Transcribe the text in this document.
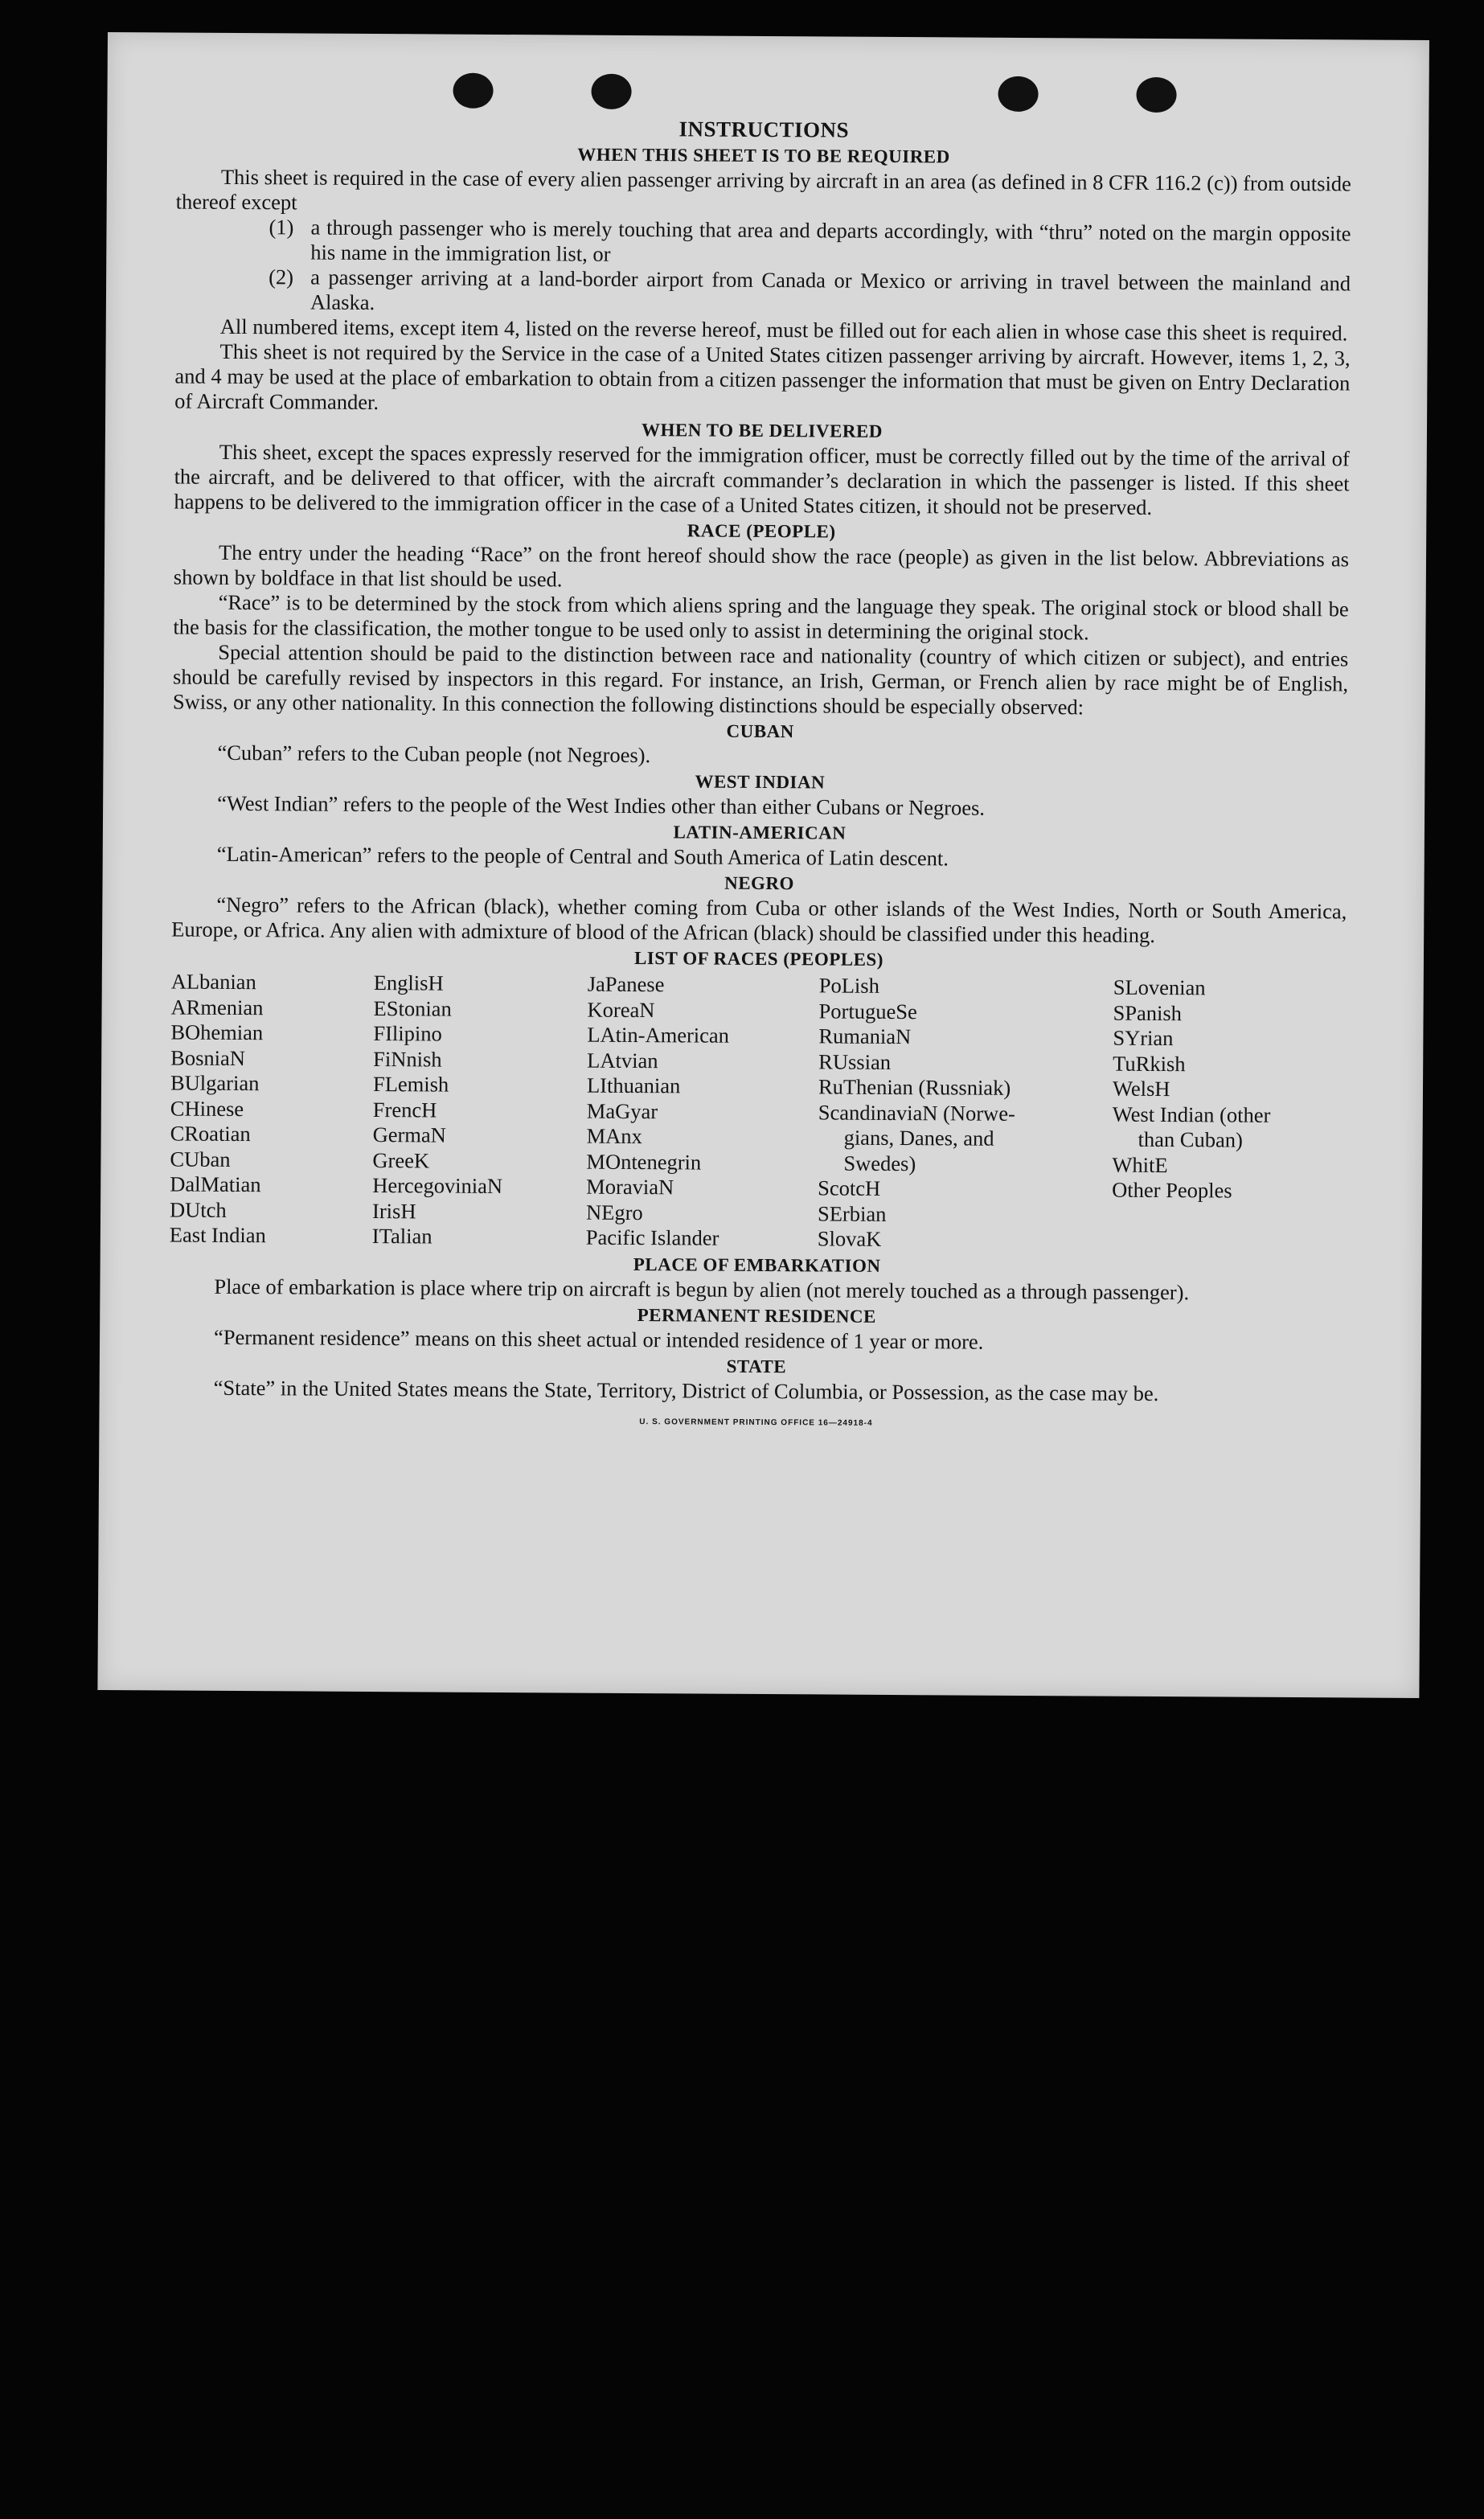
INSTRUCTIONS
WHEN THIS SHEET IS TO BE REQUIRED

This sheet is required in the case of every alien passenger arriving by aircraft in an area (as defined in 8 CFR 116.2 (c)) from outside thereof except

(1) a through passenger who is merely touching that area and departs accordingly, with “thru” noted on the margin opposite his name in the immigration list, or
(2) a passenger arriving at a land-border airport from Canada or Mexico or arriving in travel between the mainland and Alaska.

All numbered items, except item 4, listed on the reverse hereof, must be filled out for each alien in whose case this sheet is required.

This sheet is not required by the Service in the case of a United States citizen passenger arriving by aircraft. However, items 1, 2, 3, and 4 may be used at the place of embarkation to obtain from a citizen passenger the information that must be given on Entry Declaration of Aircraft Commander.

WHEN TO BE DELIVERED

This sheet, except the spaces expressly reserved for the immigration officer, must be correctly filled out by the time of the arrival of the aircraft, and be delivered to that officer, with the aircraft commander’s declaration in which the passenger is listed. If this sheet happens to be delivered to the immigration officer in the case of a United States citizen, it should not be preserved.

RACE (PEOPLE)

The entry under the heading “Race” on the front hereof should show the race (people) as given in the list below. Abbreviations as shown by boldface in that list should be used.

“Race” is to be determined by the stock from which aliens spring and the language they speak. The original stock or blood shall be the basis for the classification, the mother tongue to be used only to assist in determining the original stock.

Special attention should be paid to the distinction between race and nationality (country of which citizen or subject), and entries should be carefully revised by inspectors in this regard. For instance, an Irish, German, or French alien by race might be of English, Swiss, or any other nationality. In this connection the following distinctions should be especially observed:

CUBAN

“Cuban” refers to the Cuban people (not Negroes).

WEST INDIAN

“West Indian” refers to the people of the West Indies other than either Cubans or Negroes.

LATIN-AMERICAN

“Latin-American” refers to the people of Central and South America of Latin descent.

NEGRO

“Negro” refers to the African (black), whether coming from Cuba or other islands of the West Indies, North or South America, Europe, or Africa. Any alien with admixture of blood of the African (black) should be classified under this heading.

LIST OF RACES (PEOPLES)
ALbanian
ARmenian
BOhemian
BosniaN
BUlgarian
CHinese
CRoatian
CUban
DalMatian
DUtch
East Indian
EnglisH
EStonian
FIlipino
FiNnish
FLemish
FrencH
GermaN
GreeK
HercegoviniaN
IrisH
ITalian
JaPanese
KoreaN
LAtin-American
LAtvian
LIthuanian
MaGyar
MAnx
MOntenegrin
MoraviaN
NEgro
Pacific Islander
PoLish
PortugueSe
RumaniaN
RUssian
RuThenian (Russniak)
ScandinaviaN (Norwe-
gians, Danes, and
Swedes)
ScotcH
SErbian
SlovaK
SLovenian
SPanish
SYrian
TuRkish
WelsH
West Indian (other
than Cuban)
WhitE
Other Peoples
PLACE OF EMBARKATION

Place of embarkation is place where trip on aircraft is begun by alien (not merely touched as a through passenger).

PERMANENT RESIDENCE

“Permanent residence” means on this sheet actual or intended residence of 1 year or more.

STATE

“State” in the United States means the State, Territory, District of Columbia, or Possession, as the case may be.

U. S. GOVERNMENT PRINTING OFFICE 16—24918-4
